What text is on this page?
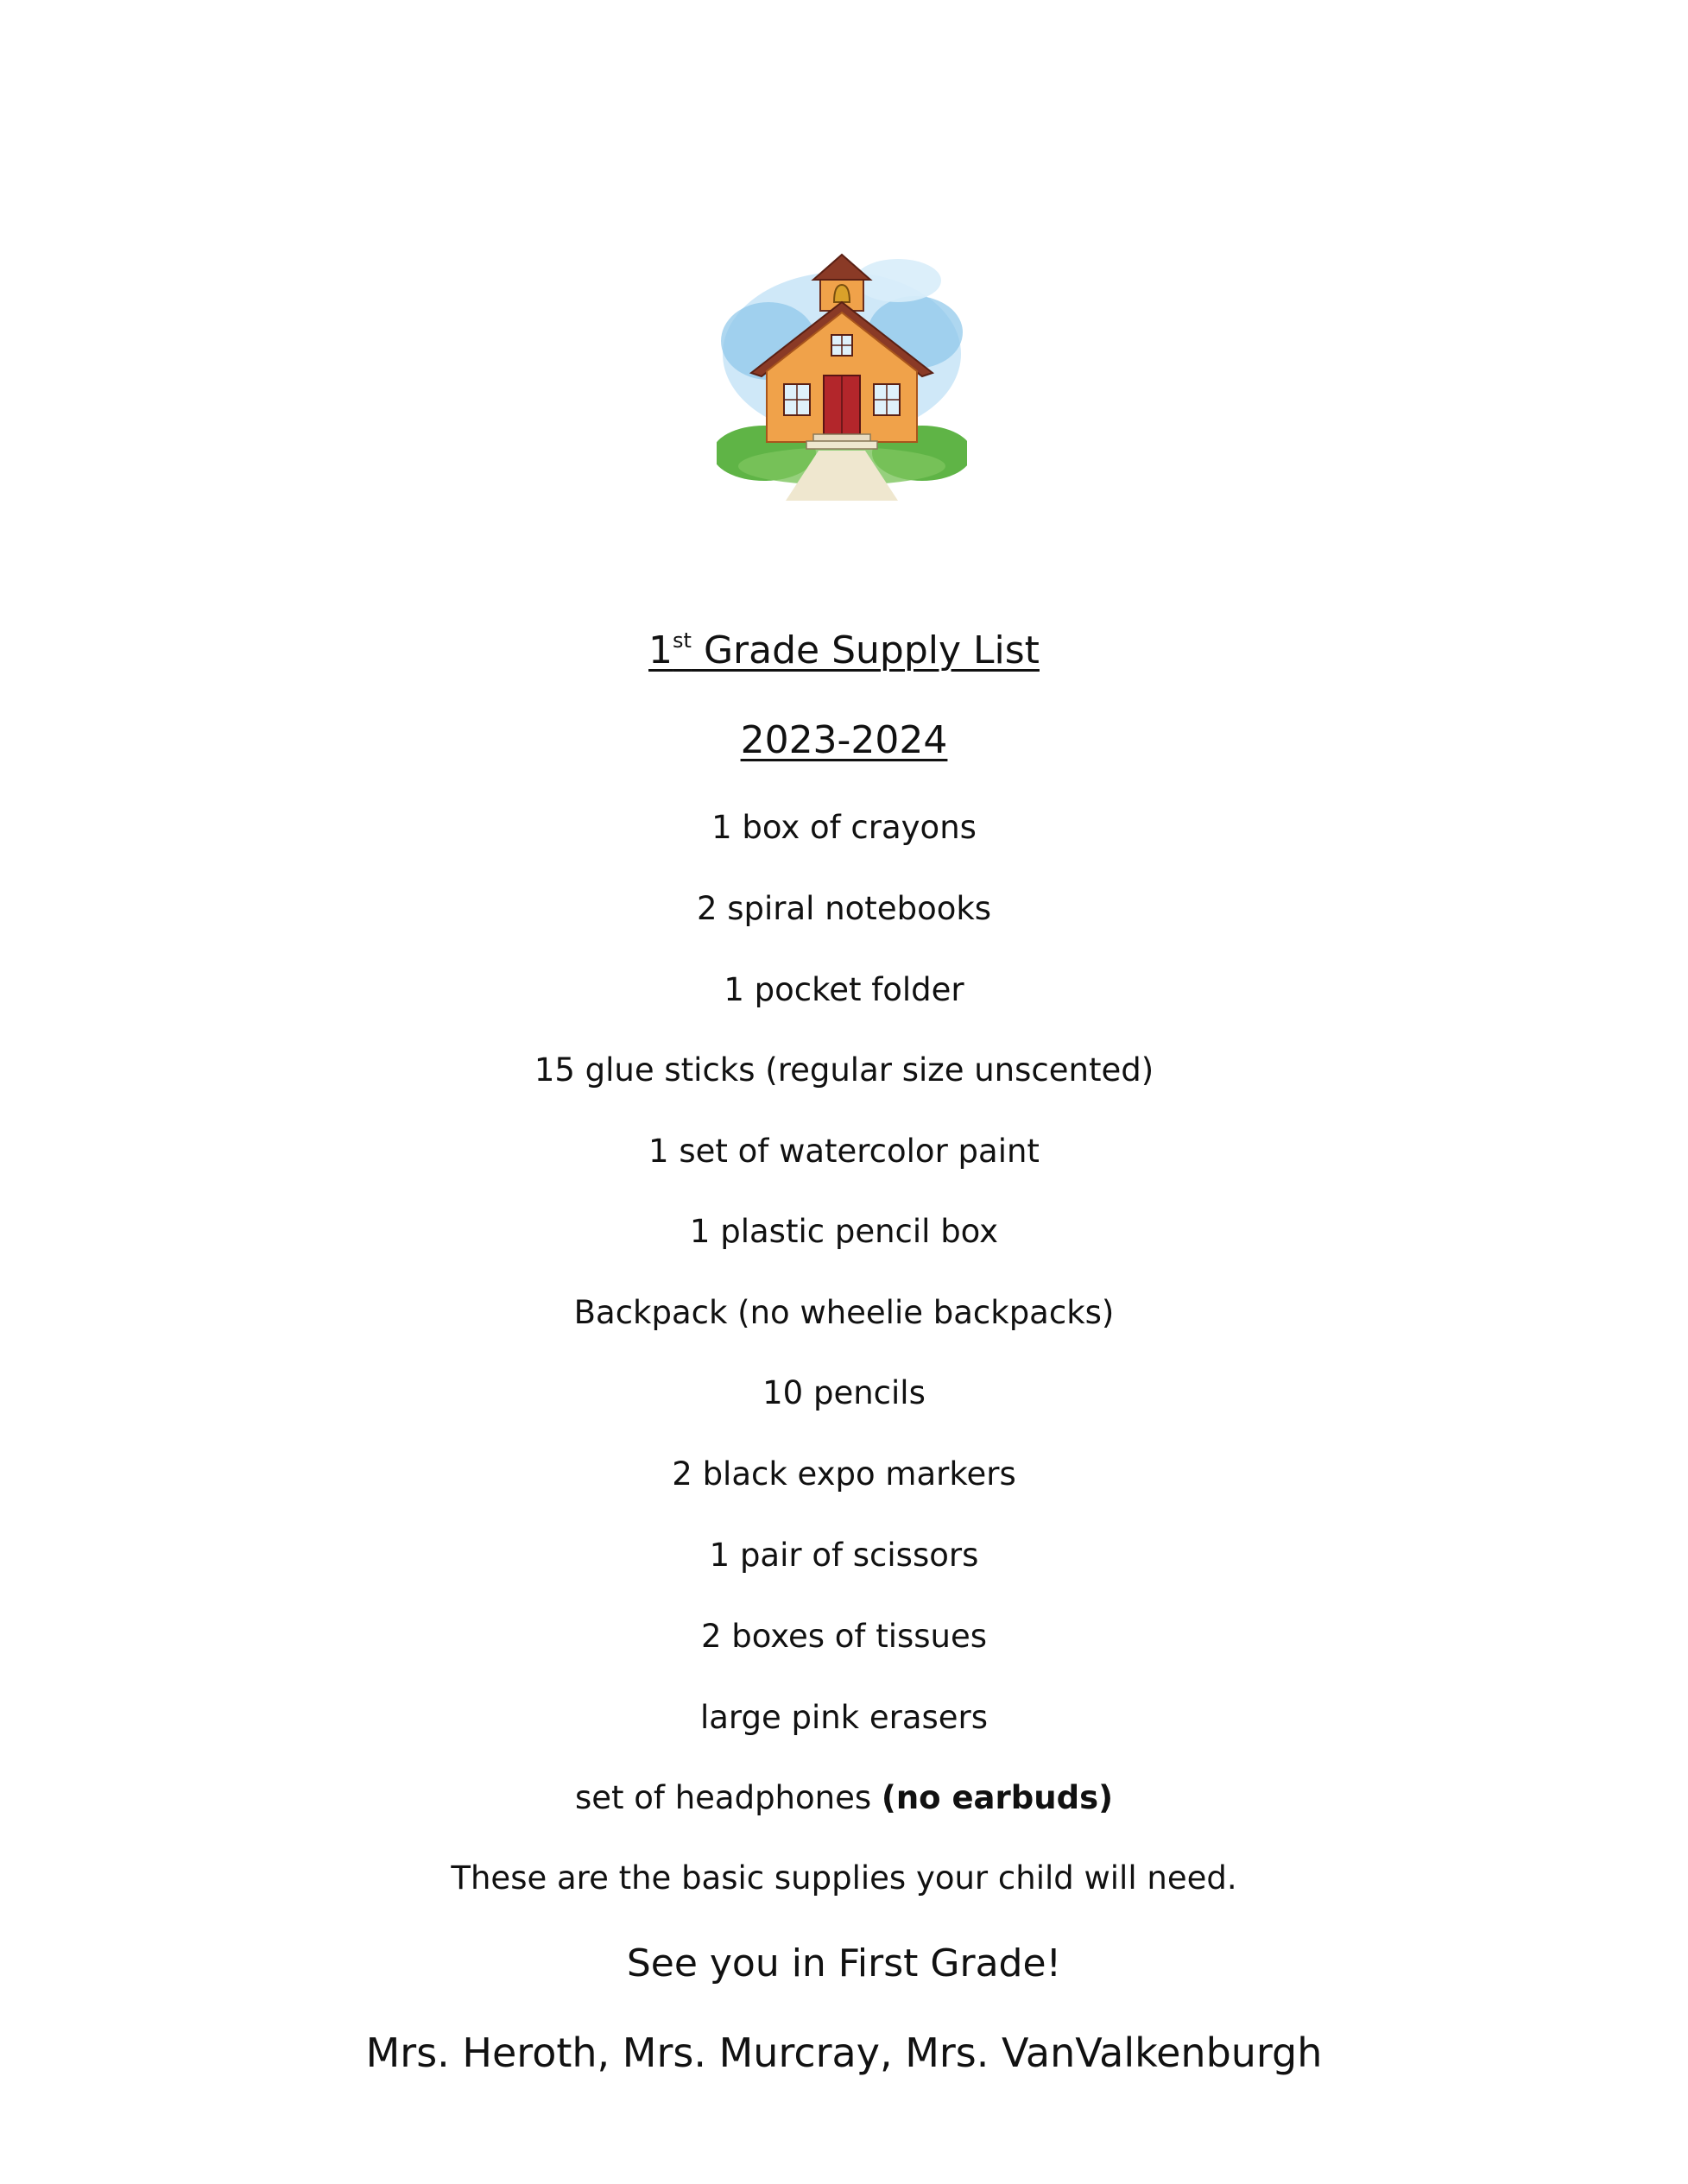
1st Grade Supply List
2023-2024
1 box of crayons
2 spiral notebooks
1 pocket folder
15 glue sticks (regular size unscented)
1 set of watercolor paint
1 plastic pencil box
Backpack (no wheelie backpacks)
10 pencils
2 black expo markers
1 pair of scissors
2 boxes of tissues
large pink erasers
set of headphones (no earbuds)
These are the basic supplies your child will need.
See you in First Grade!
Mrs. Heroth, Mrs. Murcray, Mrs. VanValkenburgh
